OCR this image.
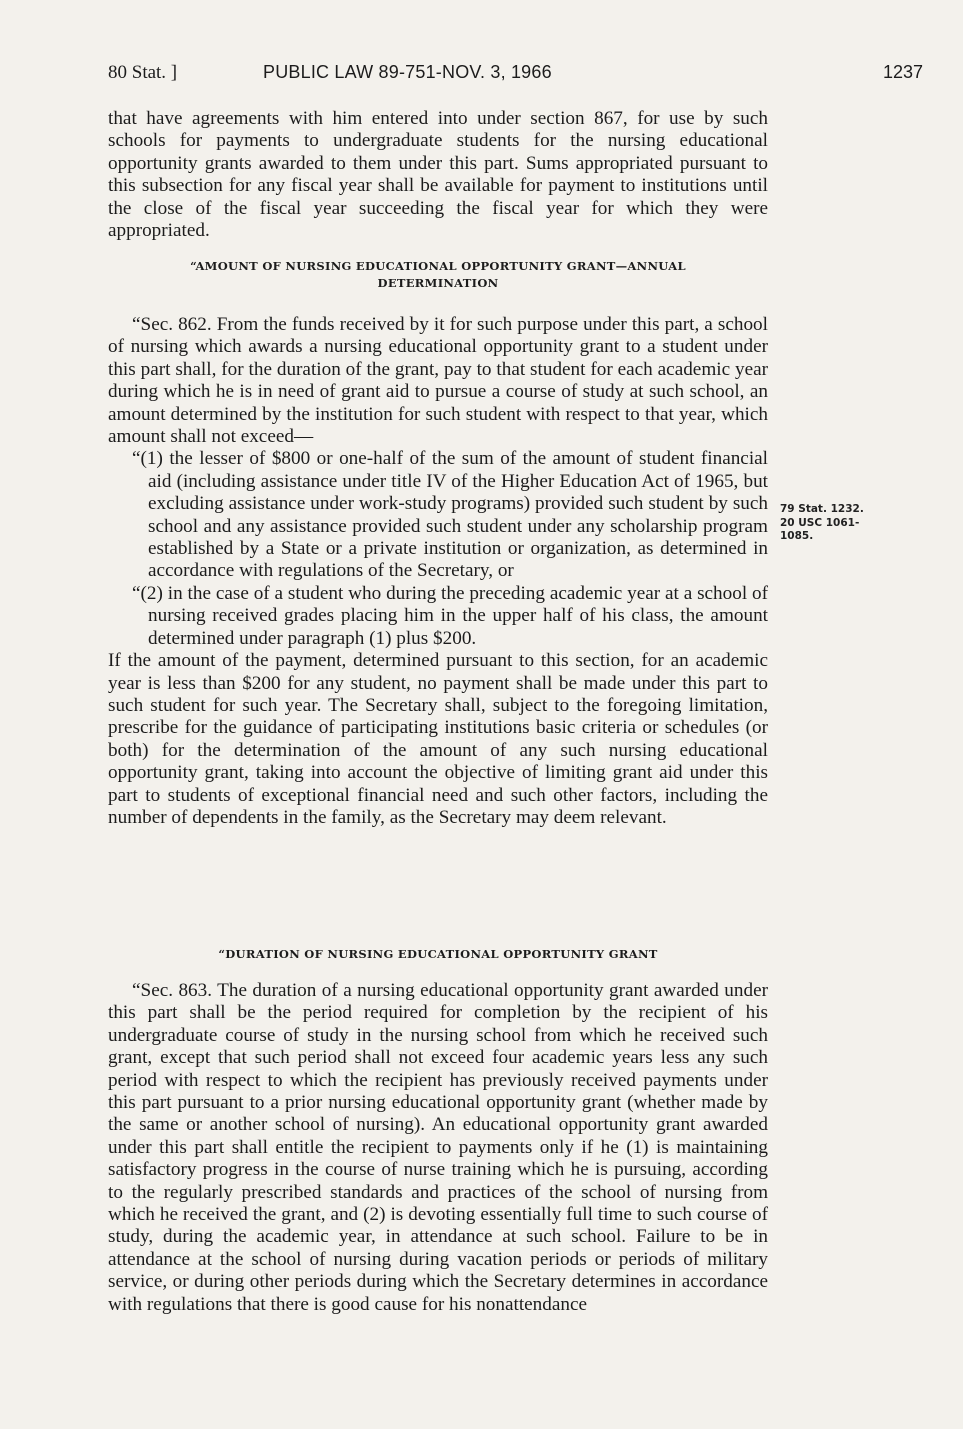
80 Stat. ]	PUBLIC LAW 89-751-NOV. 3, 1966	1237

that have agreements with him entered into under section 867, for use by such schools for payments to undergraduate students for the nursing educational opportunity grants awarded to them under this part. Sums appropriated pursuant to this subsection for any fiscal year shall be available for payment to institutions until the close of the fiscal year succeeding the fiscal year for which they were appropriated.

“AMOUNT OF NURSING EDUCATIONAL OPPORTUNITY GRANT—ANNUAL

DETERMINATION

“Sec. 862. From the funds received by it for such purpose under this part, a school of nursing which awards a nursing educational opportunity grant to a student under this part shall, for the duration of the grant, pay to that student for each academic year during which he is in need of grant aid to pursue a course of study at such school, an amount determined by the institution for such student with respect to that year, which amount shall not exceed—

“(1) the lesser of $800 or one-half of the sum of the amount of student financial aid (including assistance under title IV of the Higher Education Act of 1965, but excluding assistance under work-study programs) provided such student by such school and any assistance provided such student under any scholarship program established by a State or a private institution or organization, as determined in accordance with regulations of the Secretary, or

“(2) in the case of a student who during the preceding academic year at a school of nursing received grades placing him in the upper half of his class, the amount determined under paragraph (1) plus $200.

If the amount of the payment, determined pursuant to this section, for an academic year is less than $200 for any student, no payment shall be made under this part to such student for such year. The Secretary shall, subject to the foregoing limitation, prescribe for the guidance of participating institutions basic criteria or schedules (or both) for the determination of the amount of any such nursing educational opportunity grant, taking into account the objective of limiting grant aid under this part to students of exceptional financial need and such other factors, including the number of dependents in the family, as the Secretary may deem relevant.

“DURATION OF NURSING EDUCATIONAL OPPORTUNITY GRANT

“Sec. 863. The duration of a nursing educational opportunity grant awarded under this part shall be the period required for completion by the recipient of his undergraduate course of study in the nursing school from which he received such grant, except that such period shall not exceed four academic years less any such period with respect to which the recipient has previously received payments under this part pursuant to a prior nursing educational opportunity grant (whether made by the same or another school of nursing). An educational opportunity grant awarded under this part shall entitle the recipient to payments only if he (1) is maintaining satisfactory progress in the course of nurse training which he is pursuing, according to the regularly prescribed standards and practices of the school of nursing from which he received the grant, and (2) is devoting essentially full time to such course of study, during the academic year, in attendance at such school. Failure to be in attendance at the school of nursing during vacation periods or periods of military service, or during other periods during which the Secretary determines in accordance with regulations that there is good cause for his nonattendance

79 Stat. 1232.
20 USC 1061-
1085.
